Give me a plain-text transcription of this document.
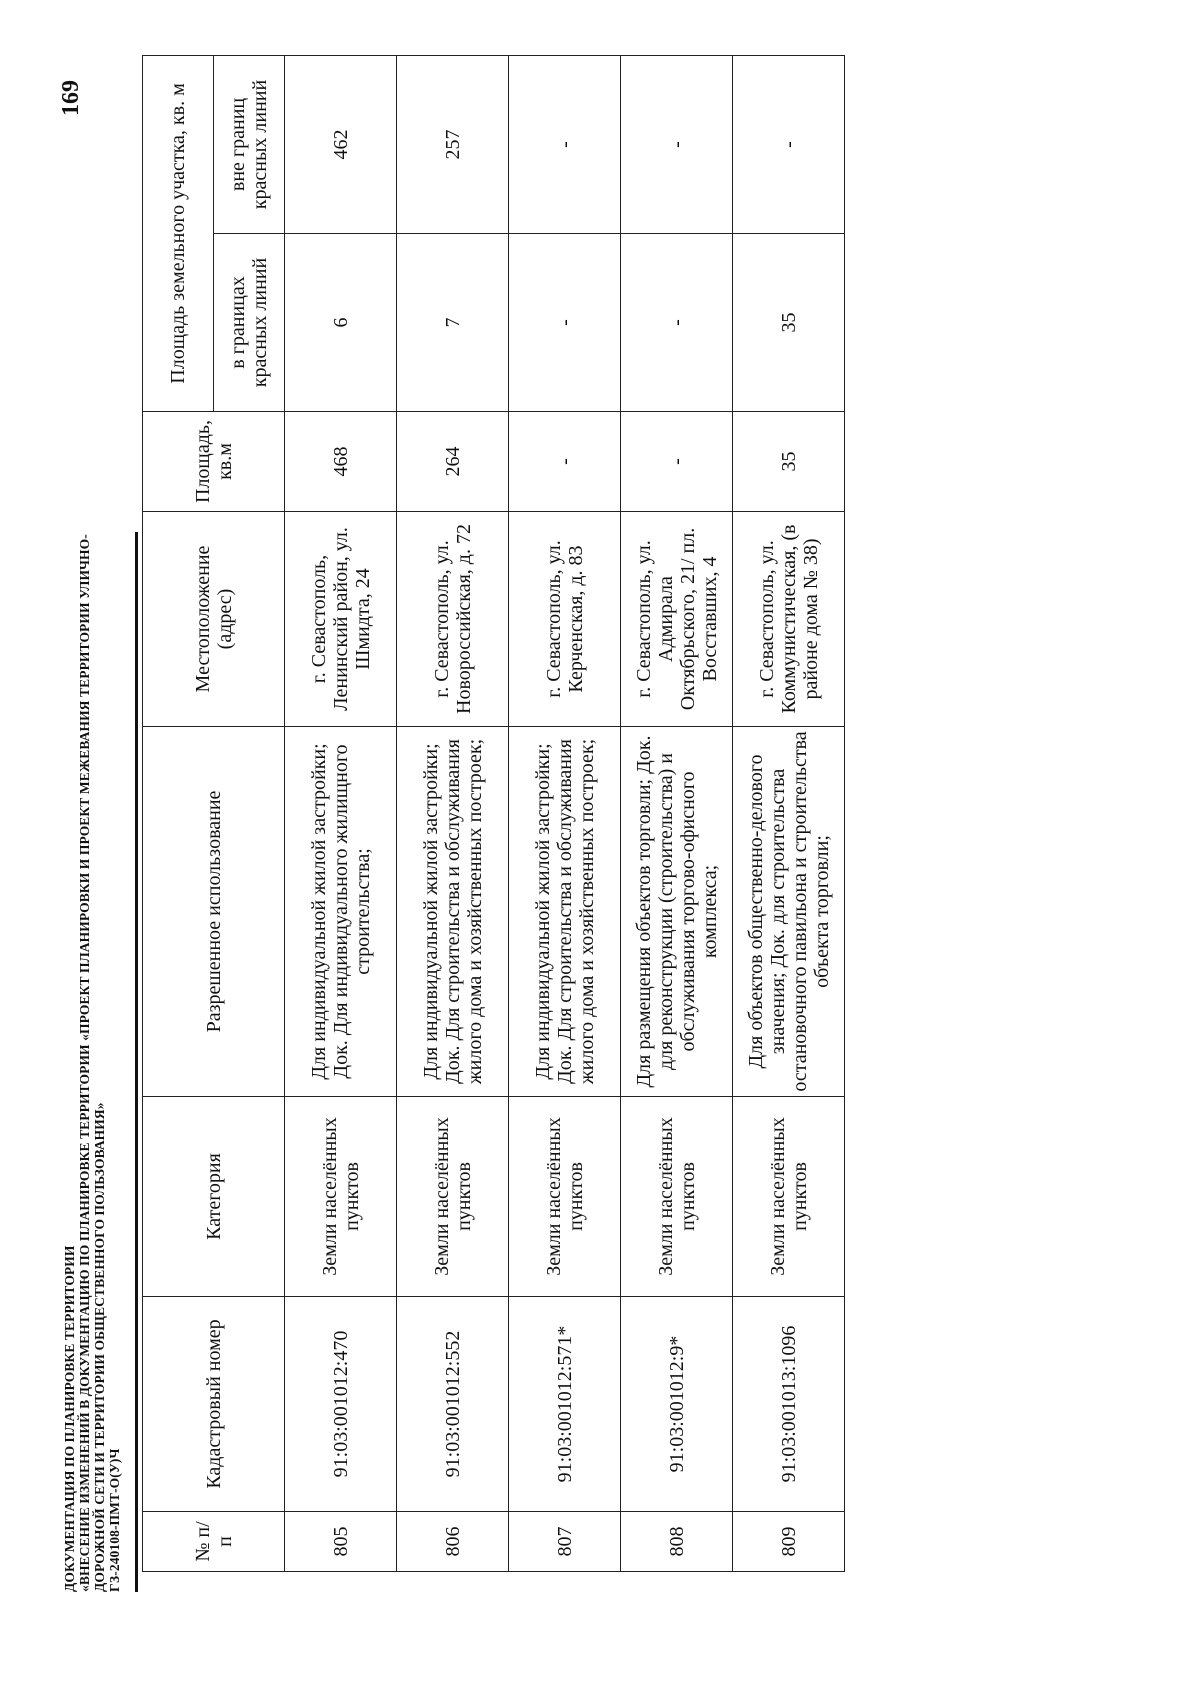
ДОКУМЕНТАЦИЯ ПО ПЛАНИРОВКЕ ТЕРРИТОРИИ «ВНЕСЕНИЕ ИЗМЕНЕНИЙ В ДОКУМЕНТАЦИЮ ПО ПЛАНИРОВКЕ ТЕРРИТОРИИ «ПРОЕКТ ПЛАНИРОВКИ И ПРОЕКТ МЕЖЕВАНИЯ ТЕРРИТОРИИ УЛИЧНО- ДОРОЖНОЙ СЕТИ И ТЕРРИТОРИИ ОБЩЕСТВЕННОГО ПОЛЬЗОВАНИЯ» ГЗ-240108-ПМТ-О(У)Ч
169
№ п/п	Кадастровый номер	Категория	Разрешенное использование	Местоположение (адрес)	Площадь, кв.м	Площадь земельного участка, кв. м	
						в границах красных линий	вне границ красных линий
805	91:03:001012:470	Земли населённых пунктов	Для индивидуальной жилой застройки; Док. Для индивидуального жилищного строительства;	г. Севастополь, Ленинский район, ул. Шмидта, 24	468	6	462
806	91:03:001012:552	Земли населённых пунктов	Для индивидуальной жилой застройки; Док. Для строительства и обслуживания жилого дома и хозяйственных построек;	г. Севастополь, ул. Новороссийская, д. 72	264	7	257
807	91:03:001012:571*	Земли населённых пунктов	Для индивидуальной жилой застройки; Док. Для строительства и обслуживания жилого дома и хозяйственных построек;	г. Севастополь, ул. Керченская, д. 83	-	-	-
808	91:03:001012:9*	Земли населённых пунктов	Для размещения объектов торговли; Док. для реконструкции (строительства) и обслуживания торгово-офисного комплекса;	г. Севастополь, ул. Адмирала Октябрьского, 21/ пл. Восставших, 4	-	-	-
809	91:03:001013:1096	Земли населённых пунктов	Для объектов общественно-делового значения; Док. для строительства остановочного павильона и строительства объекта торговли;	г. Севастополь, ул. Коммунистическая, (в районе дома № 38)	35	35	-
